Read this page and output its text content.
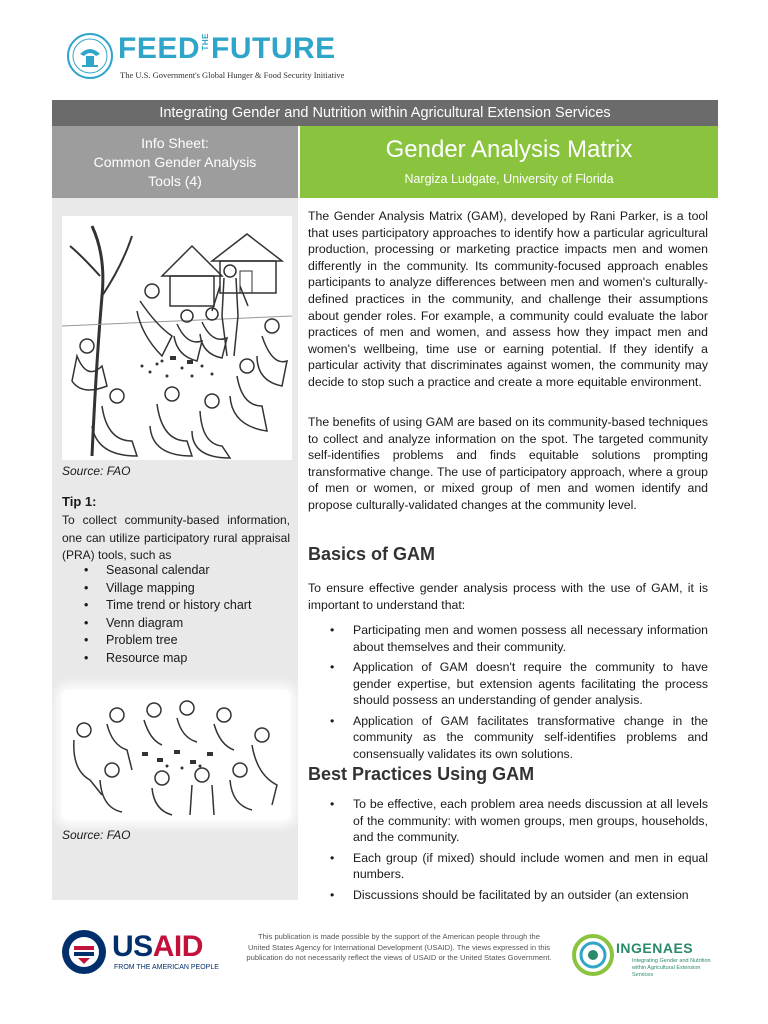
FEEDTHEFUTURE
The U.S. Government's Global Hunger & Food Security Initiative
Integrating Gender and Nutrition within Agricultural Extension Services
Info Sheet:
Common Gender Analysis
Tools (4)
Gender Analysis Matrix
Nargiza Ludgate, University of Florida
Source: FAO
Tip 1:
To collect community-based information, one can utilize participatory rural appraisal (PRA) tools, such as
• Seasonal calendar
• Village mapping
• Time trend or history chart
• Venn diagram
• Problem tree
• Resource map
Source: FAO

The Gender Analysis Matrix (GAM), developed by Rani Parker, is a tool that uses participatory approaches to identify how a particular agricultural production, processing or marketing practice impacts men and women differently in the community. Its community-focused approach enables participants to analyze differences between men and women's culturally-defined practices in the community, and challenge their assumptions about gender roles. For example, a community could evaluate the labor practices of men and women, and assess how they impact men and women's wellbeing, time use or earning potential. If they identify a particular activity that discriminates against women, the community may decide to stop such a practice and create a more equitable environment.

The benefits of using GAM are based on its community-based techniques to collect and analyze information on the spot. The targeted community self-identifies problems and finds equitable solutions prompting transformative change. The use of participatory approach, where a group of men or women, or mixed group of men and women identify and propose culturally-validated changes at the community level.

Basics of GAM

To ensure effective gender analysis process with the use of GAM, it is important to understand that:

• Participating men and women possess all necessary information about themselves and their community.
• Application of GAM doesn't require the community to have gender expertise, but extension agents facilitating the process should possess an understanding of gender analysis.
• Application of GAM facilitates transformative change in the community as the community self-identifies problems and consensually validates its own solutions.
Best Practices Using GAM
• To be effective, each problem area needs discussion at all levels of the community: with women groups, men groups, households, and the community.
• Each group (if mixed) should include women and men in equal numbers.
• Discussions should be facilitated by an outsider (an extension
USAID
FROM THE AMERICAN PEOPLE
This publication is made possible by the support of the American people through the United States Agency for International Development (USAID). The views expressed in this publication do not necessarily reflect the views of USAID or the United States Government.
INGENAES
Integrating Gender and Nutrition
within Agricultural Extension Services
